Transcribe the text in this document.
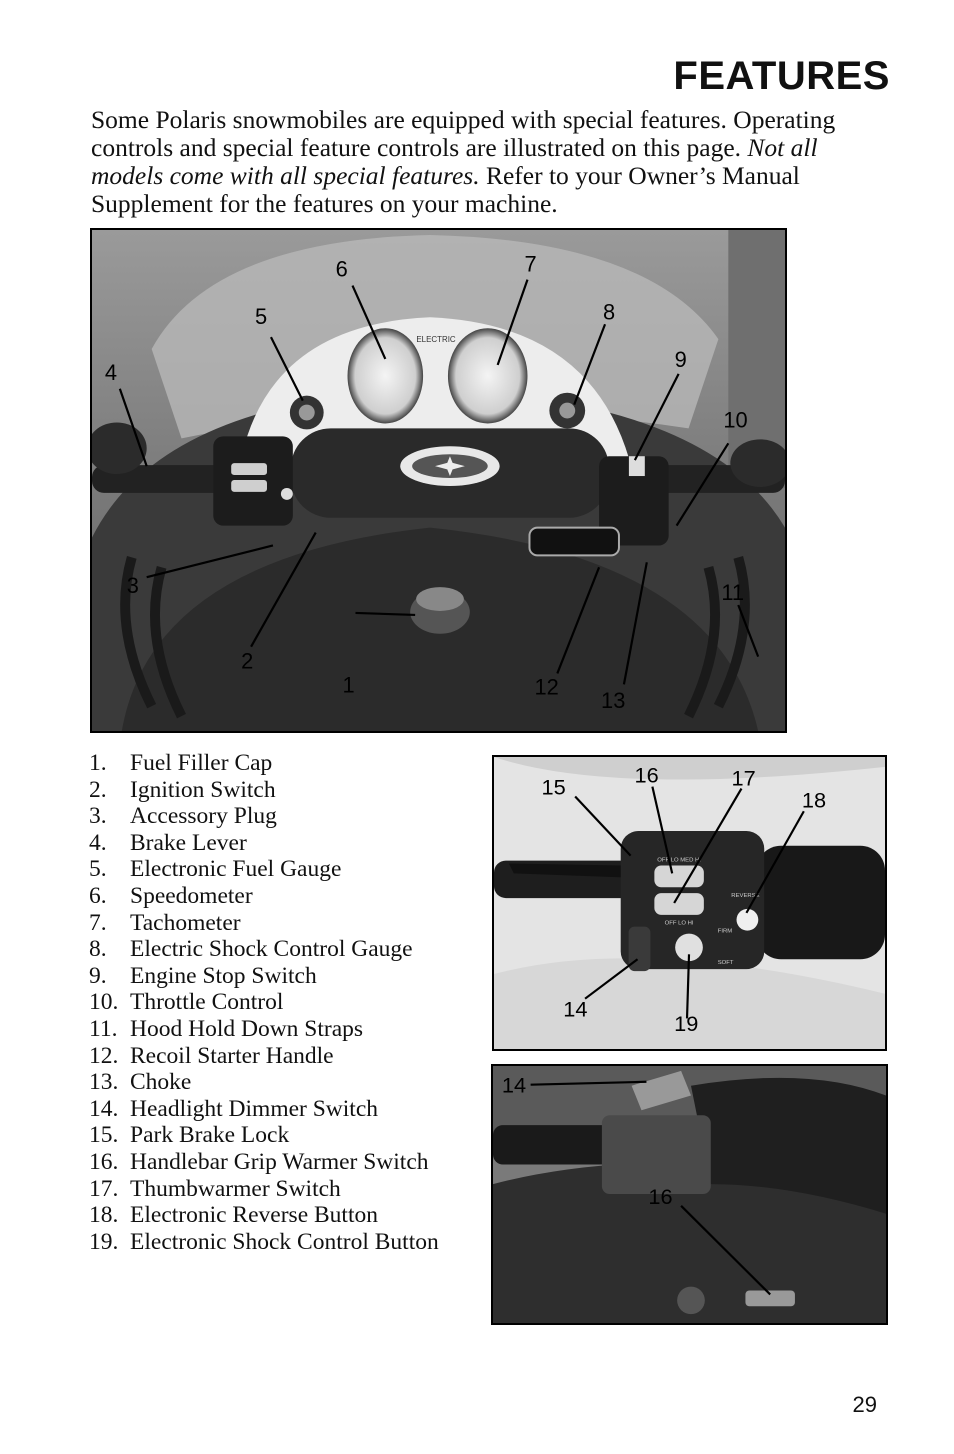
FEATURES

Some Polaris snowmobiles are equipped with special features. Operating controls and special feature controls are illustrated on this page. Not all models come with all special features. Refer to your Owner’s Manual Supplement for the features on your machine.

ELECTRIC
1
2
3
4
5
6	7
8
9
10
11
12
13
1. Fuel Filler Cap
2. Ignition Switch
3. Accessory Plug
4. Brake Lever
5. Electronic Fuel Gauge
6. Speedometer
7. Tachometer
8. Electric Shock Control Gauge
9. Engine Stop Switch
10. Throttle Control
11. Hood Hold Down Straps
12. Recoil Starter Handle
13. Choke
14. Headlight Dimmer Switch
15. Park Brake Lock
16. Handlebar Grip Warmer Switch
17. Thumbwarmer Switch
18. Electronic Reverse Button
19. Electronic Shock Control Button
OFF LO MED HI
REVERSE
OFF LO HI
FIRM
SOFT
14
15	16	17
18
19
14
16
29
